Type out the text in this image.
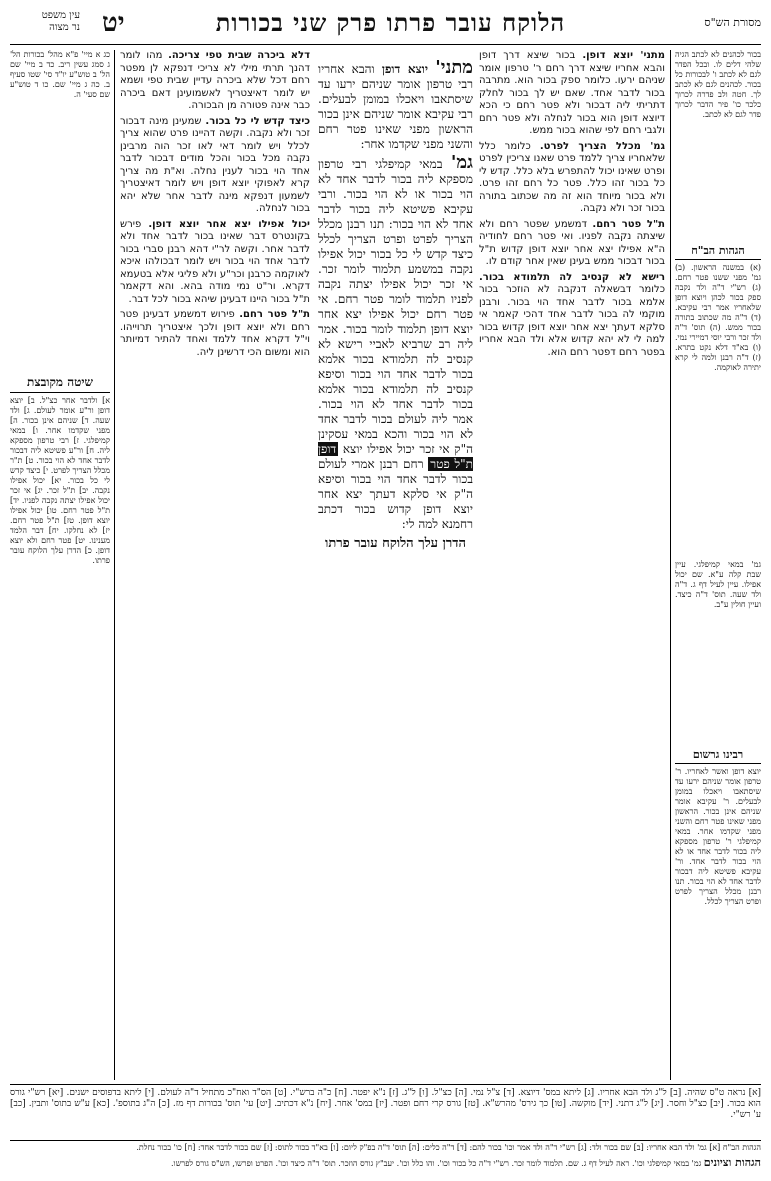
עין משפט
נר מצוה	יט	הלוקח עובר פרתו פרק שני בכורות	מסורת הש"ס

בכור לכהנים לא לכתב הגיה שלהי דלים לו. ובכל הפדר לגם לא לכתב ו' לבכורות כל בכור. לכהנים לגם לא לכתב לך. חטה ולב פדרה לכרוך כלכר כו' פיר הדבר לכרוך פדר לגם לא לכתב.

הגהות הב"ח

(א) במשנה הראשון. (ב) גמ' מפני ששנו פטר רחם. (ג) רש"י ד"ה ולד נקבה ספק בכור לכהן ויוצא דופן שלאחריו אמר רבי עקיבא. (ד) ד"ה מה שכתוב בתורה בכור ממש. (ה) תוס' ד"ה ולד זכר ורבי יוסי דמיירי נמי. (ו) בא"ד דלא נקט בתרא. (ז) ד"ה רבנן ולמה לי קרא יתירה לאוקמה.

גמ' במאי קמיפלגי. עיין שבת קלה ע"א. שם יכול אפילו. עיין לעיל דף ג. ד"ה ולד שעה. תוס' ד"ה כיצד. ועיין חולין ע"ב.

רבינו גרשום

יוצא דופן ואשר לאחריו. ר' טרפון אומר שניהם ירעו עד שיסתאבו ויאכלו במומן לבעלים. ר' עקיבא אומר שניהם אינן בכור. הראשון מפני שאינו פטר רחם והשני מפני שקדמו אחר. במאי קמיפלגי ר' טרפון מספקא ליה בכור לדבר אחד או לא הוי בכור לדבר אחד. ור' עקיבא פשיטא ליה דבכור לדבר אחד לא הוי בכור. תנו רבנן מכלל הצריך לפרט ופרט הצריך לכלל.

כג א מיי' פ"א מהל' בכורות הל' ג סמג עשין ריב. כד ב מיי' שם הל' ב טוש"ע יו"ד סי' שטו סעיף ב. כה ג מיי' שם. כו ד טוש"ע שם סעי' ה.

שיטה מקובצת

א] ולדבר אחר כצ"ל. ב] יוצא דופן ור"ע אומר לעולם. ג] ולד שעה. ד] שניהם אינן בכור. ה] מפני שקדמו אחר. ו] במאי קמיפלגי. ז] רבי טרפון מספקא ליה. ח] ור"ע פשיטא ליה דבכור לדבר אחד לא הוי בכור. ט] ת"ר מכלל הצריך לפרט. י] כיצד קדש לי כל בכור. יא] יכול אפילו נקבה. יב] ת"ל זכר. יג] אי זכר יכול אפילו יצתה נקבה לפניו. יד] ת"ל פטר רחם. טו] יכול אפילו יוצא דופן. טז] ת"ל פטר רחם. יז] לא נחלקו. יח] דבר הלמד מענינו. יט] פטר רחם ולא יוצא דופן. כ] הדרן עלך הלוקח עובר פרתו.

מתני' יוצא דופן. בכור שיצא דרך דופן והבא אחריו שיצא דרך רחם ר' טרפון אומר שניהם ירעו. כלומר ספק בכור הוא. מתרבה בכור לדבר אחד. שאם יש לך בכור לחלק דתריתי ליה דבכור ולא פטר רחם כי הכא דיוצא דופן הוא בכור לנחלה ולא פטר רחם ולגבי רחם לפי שהוא בכור ממש.

גמ' מכלל הצריך לפרט. כלומר כלל שלאחריו צריך ללמד פרט שאנו צריכין לפרט ופרט שאינו יכול להתפרש בלא כלל. קדש לי כל בכור זהו כלל. פטר כל רחם זהו פרט. ולא בכור מיוחד הוא זה מה שכתוב בתורה בכור זכר ולא נקבה.

ת"ל פטר רחם. דמשמע שפטר רחם ולא שיצתה נקבה לפניו. ואי פטר רחם לחודיה ה"א אפילו יצא אחר יוצא דופן קדוש ת"ל בכור דבכור ממש בעינן שאין אחר קודם לו.

רישא לא קנסיב לה תלמודא בכור. כלומר דבשאלה דנקבה לא הוזכר בכור אלמא בכור לדבר אחד הוי בכור. ורבנן מוקמי לה בכור לדבר אחד דהכי קאמר אי סלקא דעתך יצא אחר יוצא דופן קדוש בכור למה לי לא יהא קדוש אלא ולד הבא אחריו בפטר רחם דפטר רחם הוא.

דלא ביכרה שבית טפי צריכה. מהו לומר דהנך תרתי מילי לא צריכי דנפקא לן מפטר רחם דכל שלא ביכרה עדיין שבית טפי ושמא יש לומר דאיצטריך לאשמועינן דאם ביכרה כבר אינה פטורה מן הבכורה.

כיצד קדש לי כל בכור. שמעינן מינה דבכור זכר ולא נקבה. וקשה דהיינו פרט שהוא צריך לכלל ויש לומר דאי לאו זכר הוה מרבינן נקבה מכל בכור והכל מודים דבכור לדבר אחד הוי בכור לענין נחלה. וא"ת מה צריך קרא לאפוקי יוצא דופן ויש לומר דאיצטריך לשמעון דנפקא מינה לדבר אחר שלא יהא בכור לנחלה.

יכול אפילו יצא אחר יוצא דופן. פירש בקונטרס דבר שאינו בכור לדבר אחד ולא לדבר אחר. וקשה לר"י דהא רבנן סברי בכור לדבר אחד הוי בכור ויש לומר דבכולהו איכא לאוקמה כרבנן וכר"ע ולא פליגי אלא בטעמא דקרא. ור"ט נמי מודה בהא. והא דקאמר ת"ל בכור היינו דבעינן שיהא בכור לכל דבר.

ת"ל פטר רחם. פירוש דמשמע דבעינן פטר רחם ולא יוצא דופן ולכך איצטריך תרוייהו. וי"ל דקרא אחד ללמד ואחד להתיר דמיותר הוא ומשום הכי דרשינן ליה.

מתני' יוצא דופן והבא אחריו רבי טרפון אומר שניהם ירעו עד שיסתאבו ויאכלו במומן לבעלים. רבי עקיבא אומר שניהם אינן בכור הראשון מפני שאינו פטר רחם והשני מפני שקדמו אחר:

גמ' במאי קמיפלגי רבי טרפון מספקא ליה בכור לדבר אחד לא הוי בכור או לא הוי בכור. ורבי עקיבא פשיטא ליה בכור לדבר אחד לא הוי בכור: תנו רבנן מכלל הצריך לפרט ופרט הצריך לכלל כיצד קדש לי כל בכור יכול אפילו נקבה במשמע תלמוד לומר זכר. אי זכר יכול אפילו יצתה נקבה לפניו תלמוד לומר פטר רחם. אי פטר רחם יכול אפילו יצא אחר יוצא דופן תלמוד לומר בכור. אמר ליה רב שרביא לאביי רישא לא קנסיב לה תלמודא בכור אלמא בכור לדבר אחד הוי בכור וסיפא קנסיב לה תלמודא בכור אלמא בכור לדבר אחד לא הוי בכור. אמר ליה לעולם בכור לדבר אחד לא הוי בכור והכא במאי עסקינן ה"ק אי זכר יכול אפילו יוצא דופן ת"ל פטר רחם רבנן אמרי לעולם בכור לדבר אחד הוי בכור וסיפא ה"ק אי סלקא דעתך יצא אחר יוצא דופן קדוש בכור דכתב רחמנא למה לי:

הדרן עלך הלוקח עובר פרתו
[א] נראה ט"ס שהיה. [ב] ל"ג ולד הבא אחריו. [ג] ליתא במס' דיוצא. [ד] צ"ל נמי. [ה] כצ"ל. [ו] ל"ג. [ז] נ"א יפטר. [ח] כ"ה ברש"י. [ט] הס"ד ואח"כ מתחיל ד"ה לעולם. [י] ליתא בדפוסים ישנים. [יא] רש"י גורס הוא בכור. [יב] כצ"ל וחסר. [יג] ל"ג דתני. [יד] מוקשה. [טו] כך גירס' מהרש"א. [טז] גורס קרי רחם ופטר. [יז] במס' אחר. [יח] נ"א דכתיב. [יט] עי' תוס' בכורות דף מז. [כ] ה"ג בתוספ'. [כא] ע"ש בתוס' ותבין. [כב] ע' רש"י.
הגהות הב"ח [א] גמ' ולד הבא אחריו: [ב] שם בכור ולד: [ג] רש"י ד"ה ולד אמר וכו' בכור להם: [ד] ד"ה כלים: [ה] תוס' ד"ה בפ"ק ליום: [ו] בא"ד בכור לתוס: [ז] שם בכור לדבר אחד: [ח] כו' בכור נחלת.
הגהות וציונים גמ' במאי קמיפלגי וכו'. ראה לעיל דף ג. שם. תלמוד לומר זכר. רש"י ד"ה כל בכור וכו'. והו כלל וכו'. יעב"ץ גורס הוזכר. תוס' ד"ה כיצד וכו'. הפרט ופרשו, הש"ס גורס לפרשו.
